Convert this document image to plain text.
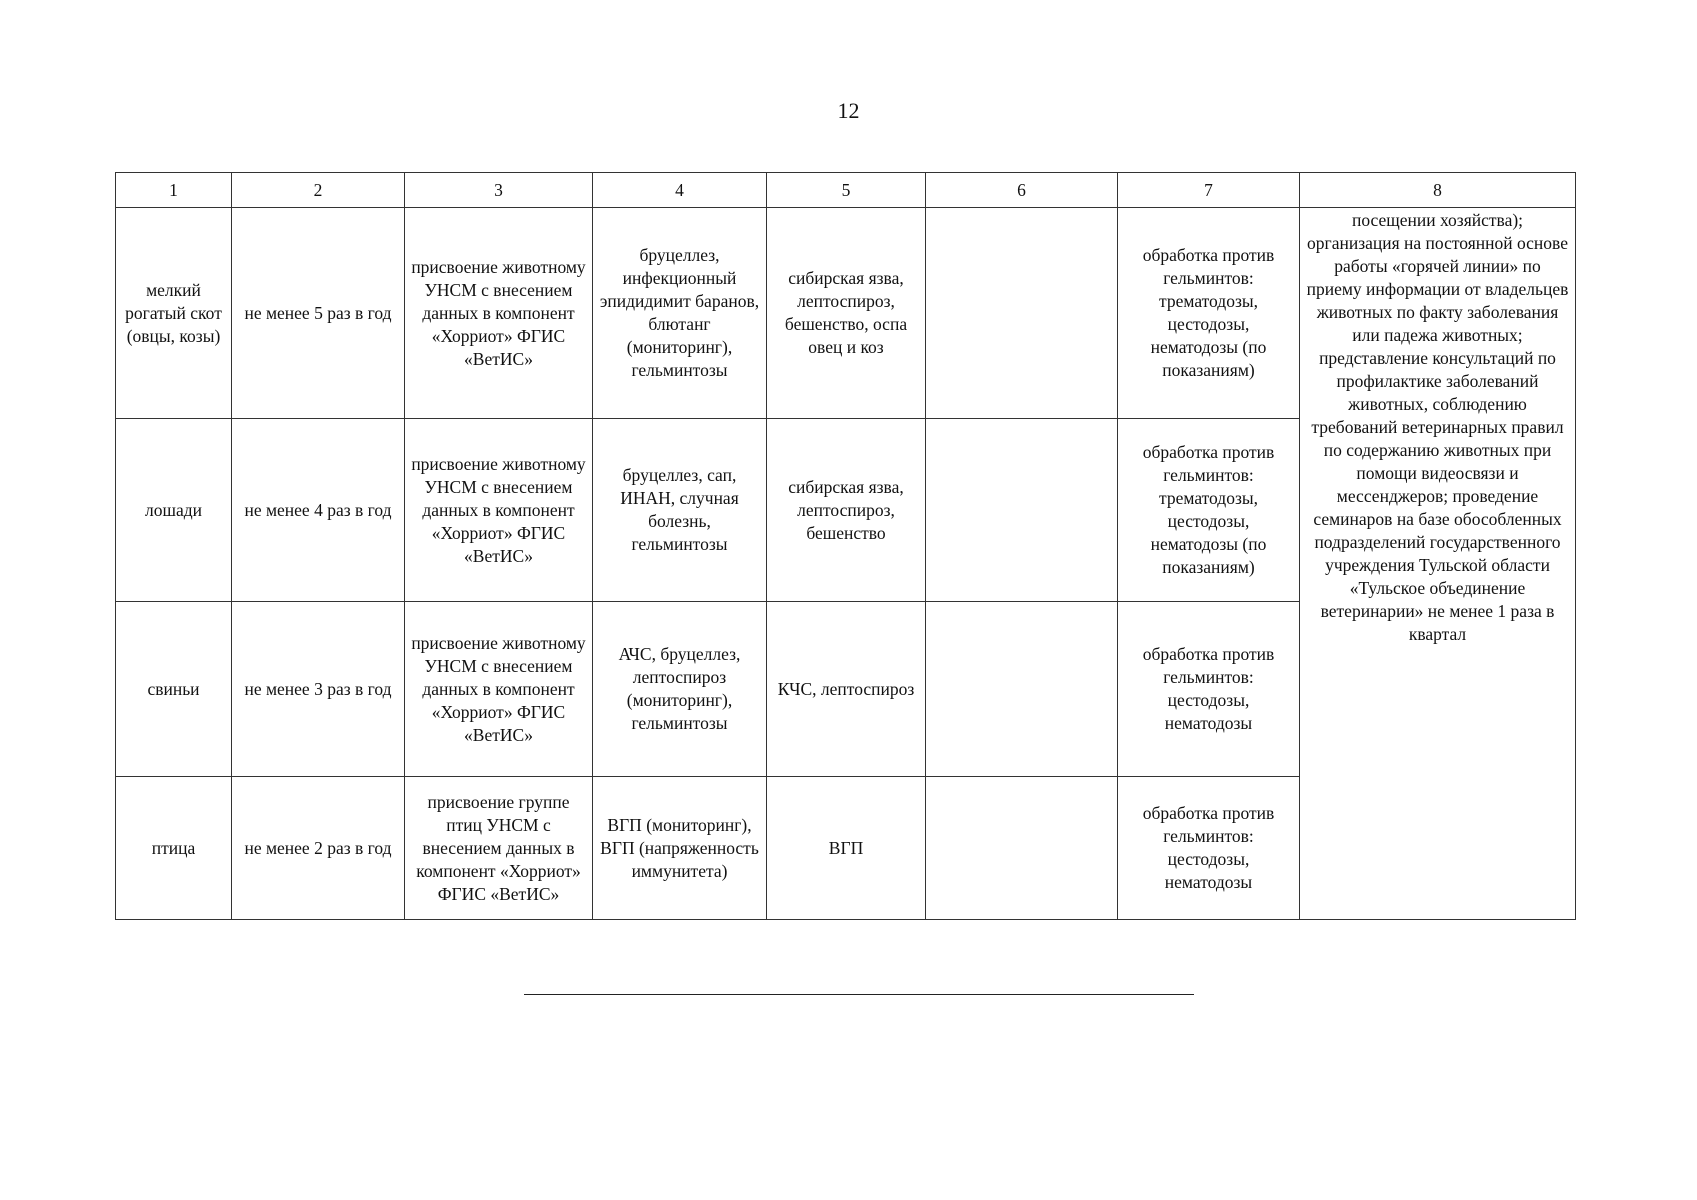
12
1	2	3	4	5	6	7	8
мелкий рогатый скот (овцы, козы)	не менее 5 раз в год	присвоение животному УНСМ с внесением данных в компонент «Хорриот» ФГИС «ВетИС»	бруцеллез, инфекционный эпидидимит баранов, блютанг (мониторинг), гельминтозы	сибирская язва, лептоспироз, бешенство, оспа овец и коз		обработка против гельминтов: трематодозы, цестодозы, нематодозы (по показаниям)	посещении хозяйства); организация на постоянной основе работы «горячей линии» по приему информации от владельцев животных по факту заболевания или падежа животных; представление консультаций по профилактике заболеваний животных, соблюдению требований ветеринарных правил по содержанию животных при помощи видеосвязи и мессенджеров; проведение семинаров на базе обособленных подразделений государственного учреждения Тульской области «Тульское объединение ветеринарии» не менее 1 раза в квартал
лошади	не менее 4 раз в год	присвоение животному УНСМ с внесением данных в компонент «Хорриот» ФГИС «ВетИС»	бруцеллез, сап, ИНАН, случная болезнь, гельминтозы	сибирская язва, лептоспироз, бешенство		обработка против гельминтов: трематодозы, цестодозы, нематодозы (по показаниям)	
свиньи	не менее 3 раз в год	присвоение животному УНСМ с внесением данных в компонент «Хорриот» ФГИС «ВетИС»	АЧС, бруцеллез, лептоспироз (мониторинг), гельминтозы	КЧС, лептоспироз		обработка против гельминтов: цестодозы, нематодозы	
птица	не менее 2 раз в год	присвоение группе птиц УНСМ с внесением данных в компонент «Хорриот» ФГИС «ВетИС»	ВГП (мониторинг), ВГП (напряженность иммунитета)	ВГП		обработка против гельминтов: цестодозы, нематодозы	
